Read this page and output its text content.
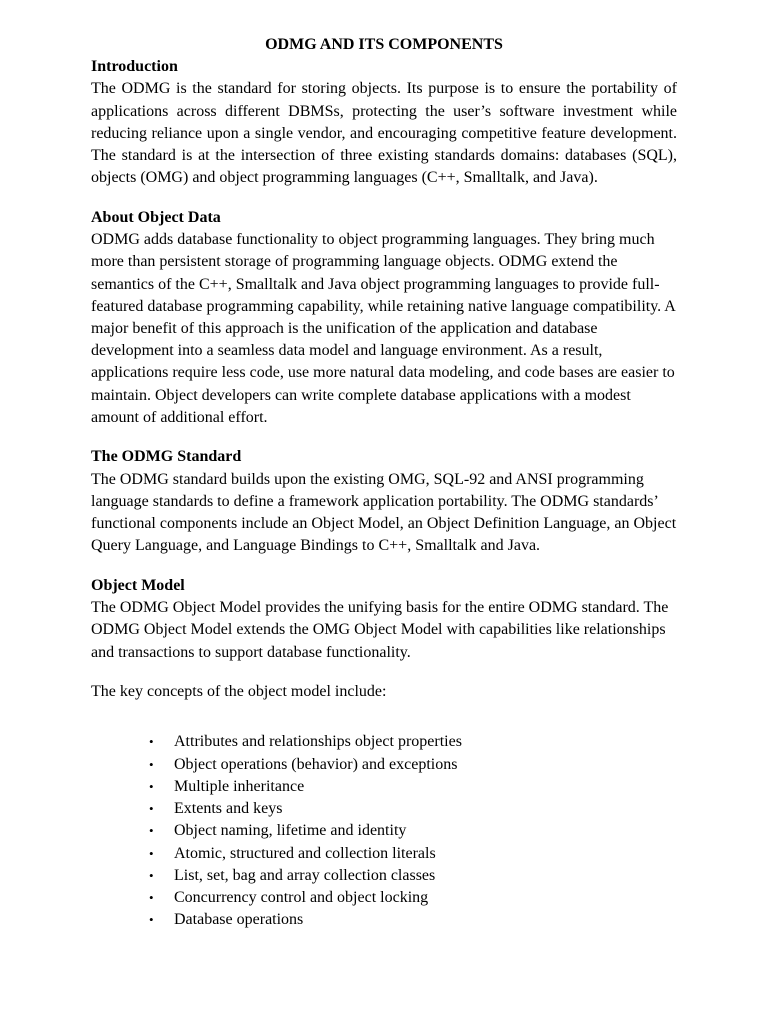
ODMG AND ITS COMPONENTS

Introduction

The ODMG is the standard for storing objects. Its purpose is to ensure the portability of applications across different DBMSs, protecting the user’s software investment while reducing reliance upon a single vendor, and encouraging competitive feature development. The standard is at the intersection of three existing standards domains: databases (SQL), objects (OMG) and object programming languages (C++, Smalltalk, and Java).

About Object Data

ODMG adds database functionality to object programming languages. They bring much more than persistent storage of programming language objects. ODMG extend the semantics of the C++, Smalltalk and Java object programming languages to provide full-featured database programming capability, while retaining native language compatibility. A major benefit of this approach is the unification of the application and database development into a seamless data model and language environment. As a result, applications require less code, use more natural data modeling, and code bases are easier to maintain. Object developers can write complete database applications with a modest amount of additional effort.

The ODMG Standard

The ODMG standard builds upon the existing OMG, SQL-92 and ANSI programming language standards to define a framework application portability. The ODMG standards’ functional components include an Object Model, an Object Definition Language, an Object Query Language, and Language Bindings to C++, Smalltalk and Java.

Object Model

The ODMG Object Model provides the unifying basis for the entire ODMG standard. The ODMG Object Model extends the OMG Object Model with capabilities like relationships and transactions to support database functionality.

The key concepts of the object model include:

• Attributes and relationships object properties
• Object operations (behavior) and exceptions
• Multiple inheritance
• Extents and keys
• Object naming, lifetime and identity
• Atomic, structured and collection literals
• List, set, bag and array collection classes
• Concurrency control and object locking
• Database operations
